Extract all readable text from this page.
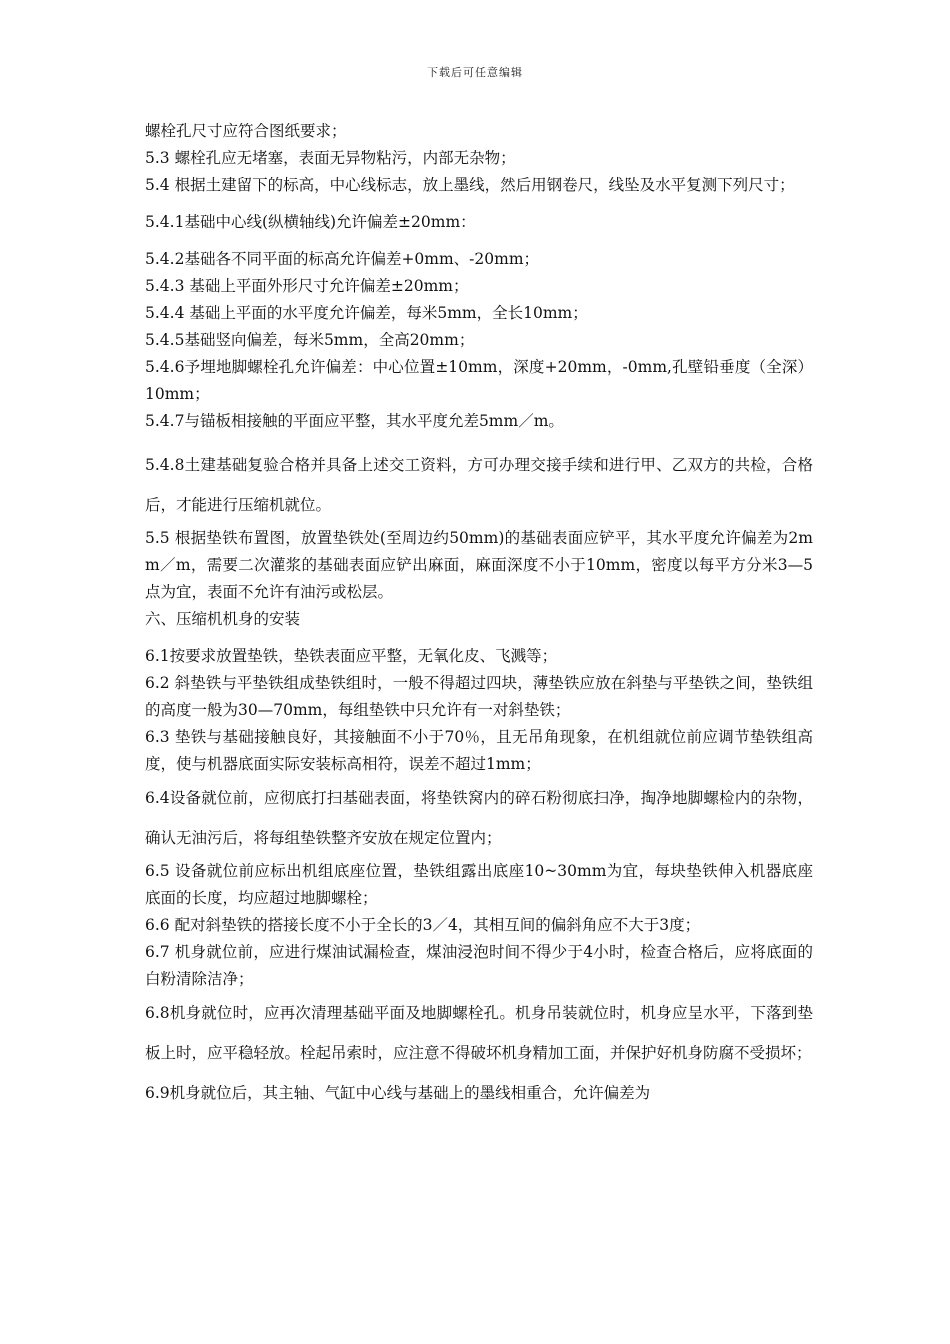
下载后可任意编辑

螺栓孔尺寸应符合图纸要求；

5.3 螺栓孔应无堵塞，表面无异物粘污，内部无杂物；

5.4 根据土建留下的标高，中心线标志，放上墨线，然后用钢卷尺，线坠及水平复测下列尺寸；

5.4.1基础中心线(纵横轴线)允许偏差±20mm：

5.4.2基础各不同平面的标高允许偏差+0mm、-20mm；

5.4.3 基础上平面外形尺寸允许偏差±20mm；

5.4.4 基础上平面的水平度允许偏差，每米5mm，全长10mm；

5.4.5基础竖向偏差，每米5mm，全高20mm；

5.4.6予埋地脚螺栓孔允许偏差：中心位置±10mm，深度+20mm，-0mm,孔壁铅垂度（全深）10mm；

5.4.7与锚板相接触的平面应平整，其水平度允差5mm／m。

5.4.8土建基础复验合格并具备上述交工资料，方可办理交接手续和进行甲、乙双方的共检，合格后，才能进行压缩机就位。

5.5 根据垫铁布置图，放置垫铁处(至周边约50mm)的基础表面应铲平，其水平度允许偏差为2mm／m，需要二次灌浆的基础表面应铲出麻面，麻面深度不小于10mm，密度以每平方分米3—5点为宜，表面不允许有油污或松层。

六、压缩机机身的安装

6.1按要求放置垫铁，垫铁表面应平整，无氧化皮、飞溅等；

6.2 斜垫铁与平垫铁组成垫铁组时，一般不得超过四块，薄垫铁应放在斜垫与平垫铁之间，垫铁组的高度一般为30—70mm，每组垫铁中只允许有一对斜垫铁；

6.3 垫铁与基础接触良好，其接触面不小于70％，且无吊角现象，在机组就位前应调节垫铁组高度，使与机器底面实际安装标高相符，误差不超过1mm；

6.4设备就位前，应彻底打扫基础表面，将垫铁窝内的碎石粉彻底扫净，掏净地脚螺检内的杂物，确认无油污后，将每组垫铁整齐安放在规定位置内；

6.5 设备就位前应标出机组底座位置，垫铁组露出底座10~30mm为宜，每块垫铁伸入机器底座底面的长度，均应超过地脚螺栓；

6.6 配对斜垫铁的搭接长度不小于全长的3／4，其相互间的偏斜角应不大于3度；

6.7 机身就位前，应进行煤油试漏检查，煤油浸泡时间不得少于4小时，检查合格后，应将底面的白粉清除洁净；

6.8机身就位时，应再次清理基础平面及地脚螺栓孔。机身吊装就位时，机身应呈水平，下落到垫板上时，应平稳轻放。栓起吊索时，应注意不得破坏机身精加工面，并保护好机身防腐不受损坏；

6.9机身就位后，其主轴、气缸中心线与基础上的墨线相重合，允许偏差为
